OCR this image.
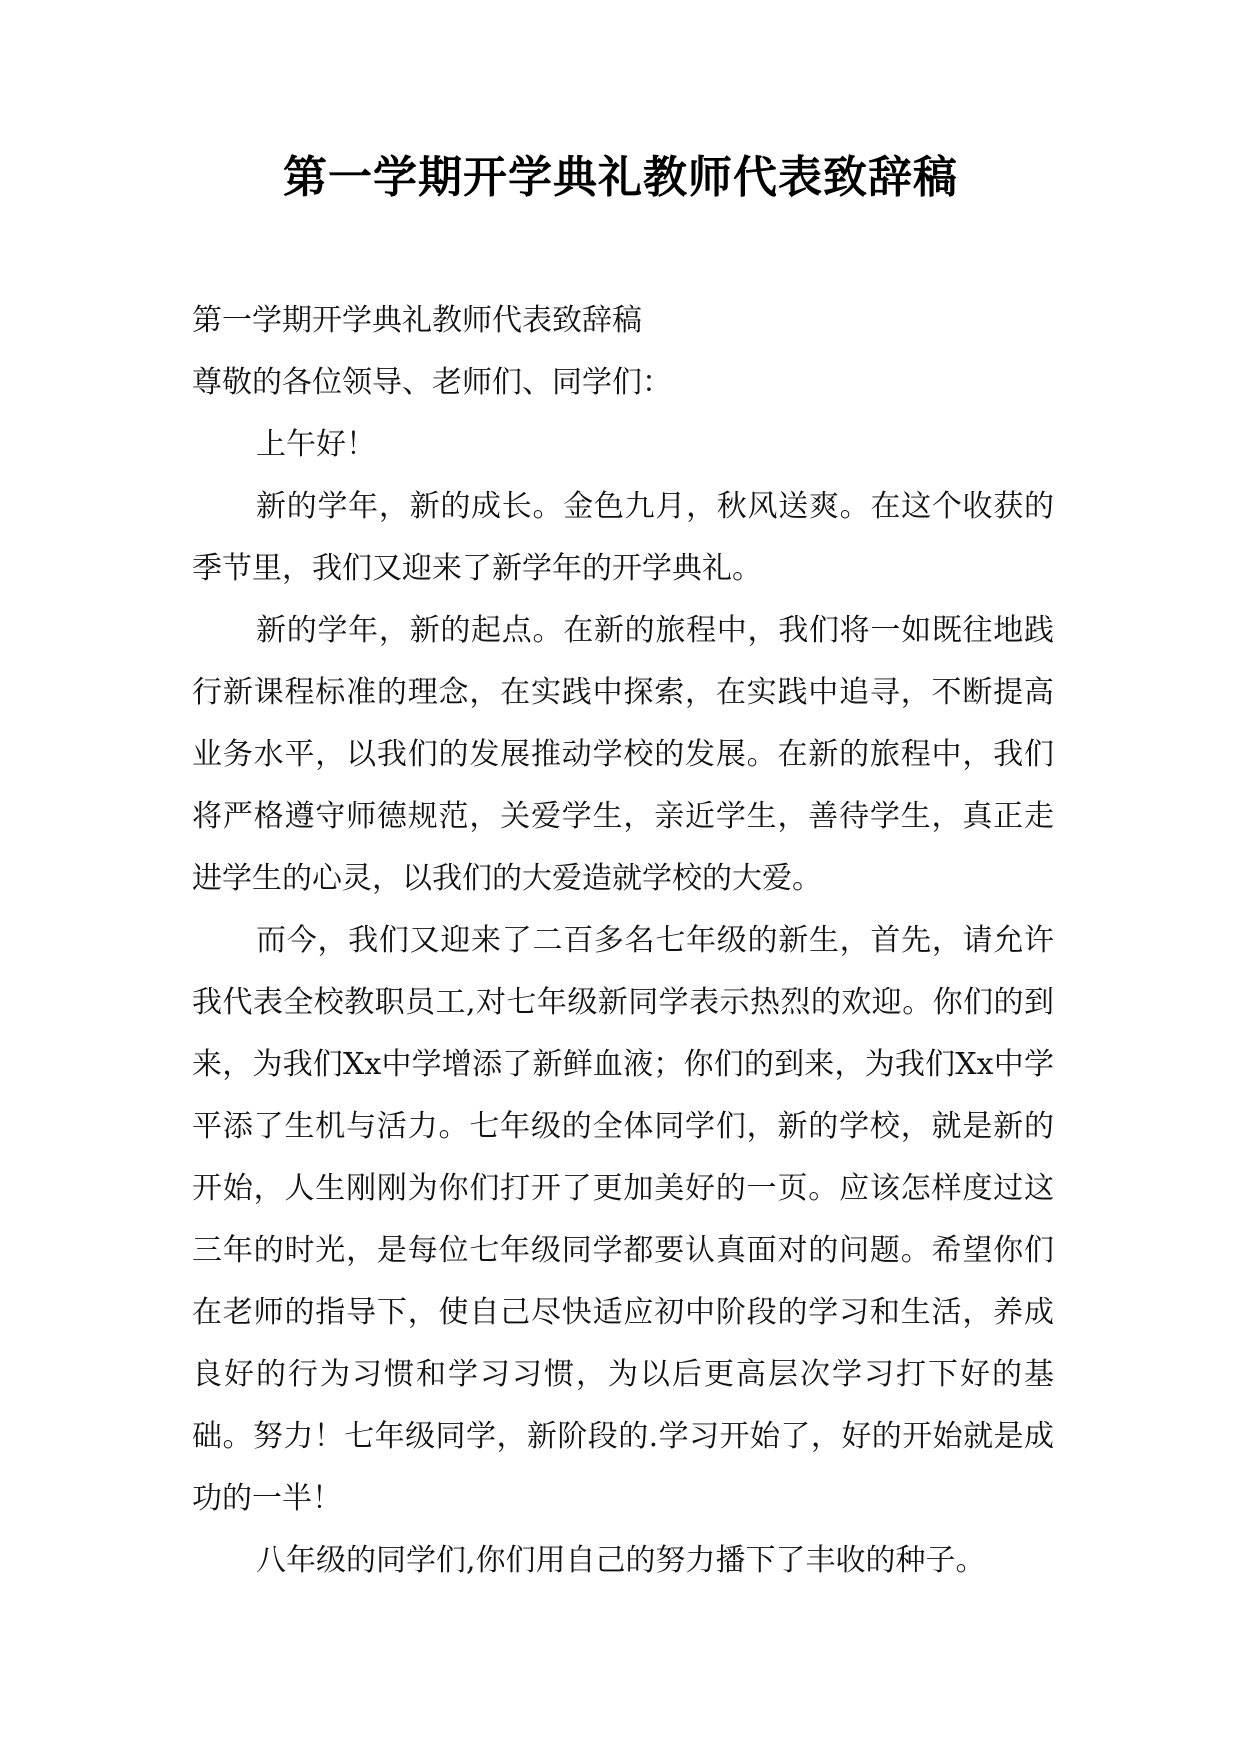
第一学期开学典礼教师代表致辞稿

第一学期开学典礼教师代表致辞稿

尊敬的各位领导、老师们、同学们：

上午好！

新的学年，新的成长。金色九月，秋风送爽。在这个收获的季节里，我们又迎来了新学年的开学典礼。

新的学年，新的起点。在新的旅程中，我们将一如既往地践行新课程标准的理念，在实践中探索，在实践中追寻，不断提高业务水平，以我们的发展推动学校的发展。在新的旅程中，我们将严格遵守师德规范，关爱学生，亲近学生，善待学生，真正走进学生的心灵，以我们的大爱造就学校的大爱。

而今，我们又迎来了二百多名七年级的新生，首先，请允许我代表全校教职员工,对七年级新同学表示热烈的欢迎。你们的到来，为我们Xx中学增添了新鲜血液；你们的到来，为我们Xx中学平添了生机与活力。七年级的全体同学们，新的学校，就是新的开始，人生刚刚为你们打开了更加美好的一页。应该怎样度过这三年的时光，是每位七年级同学都要认真面对的问题。希望你们在老师的指导下，使自己尽快适应初中阶段的学习和生活，养成良好的行为习惯和学习习惯，为以后更高层次学习打下好的基础。努力！七年级同学，新阶段的.学习开始了，好的开始就是成功的一半！

八年级的同学们,你们用自己的努力播下了丰收的种子。
